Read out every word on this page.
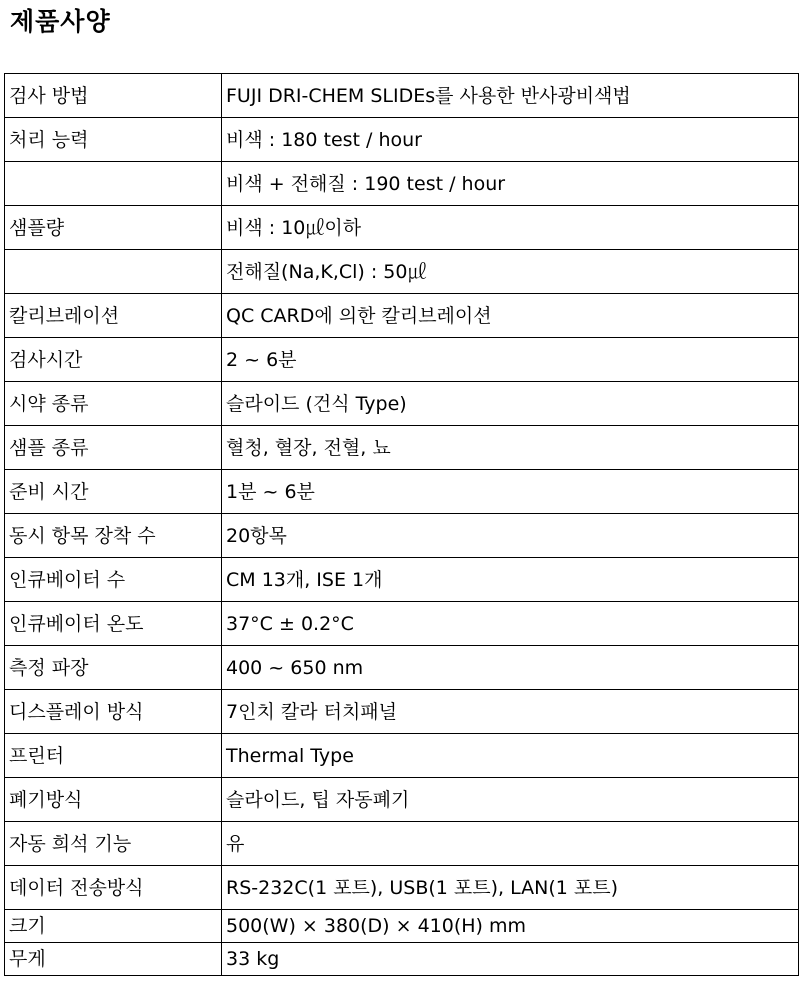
제품사양
검사 방법	FUJI DRI-CHEM SLIDEs를 사용한 반사광비색법
처리 능력	비색 : 180 test / hour
	비색 + 전해질 : 190 test / hour
샘플량	비색 : 10㎕이하
	전해질(Na,K,Cl) : 50㎕
칼리브레이션	QC CARD에 의한 칼리브레이션
검사시간	2 ~ 6분
시약 종류	슬라이드 (건식 Type)
샘플 종류	혈청, 혈장, 전혈, 뇨
준비 시간	1분 ~ 6분
동시 항목 장착 수	20항목
인큐베이터 수	CM 13개, ISE 1개
인큐베이터 온도	37°C ± 0.2°C
측정 파장	400 ~ 650 nm
디스플레이 방식	7인치 칼라 터치패널
프린터	Thermal Type
폐기방식	슬라이드, 팁 자동폐기
자동 희석 기능	유
데이터 전송방식	RS-232C(1 포트), USB(1 포트), LAN(1 포트)
크기	500(W) × 380(D) × 410(H) mm
무게	33 kg
